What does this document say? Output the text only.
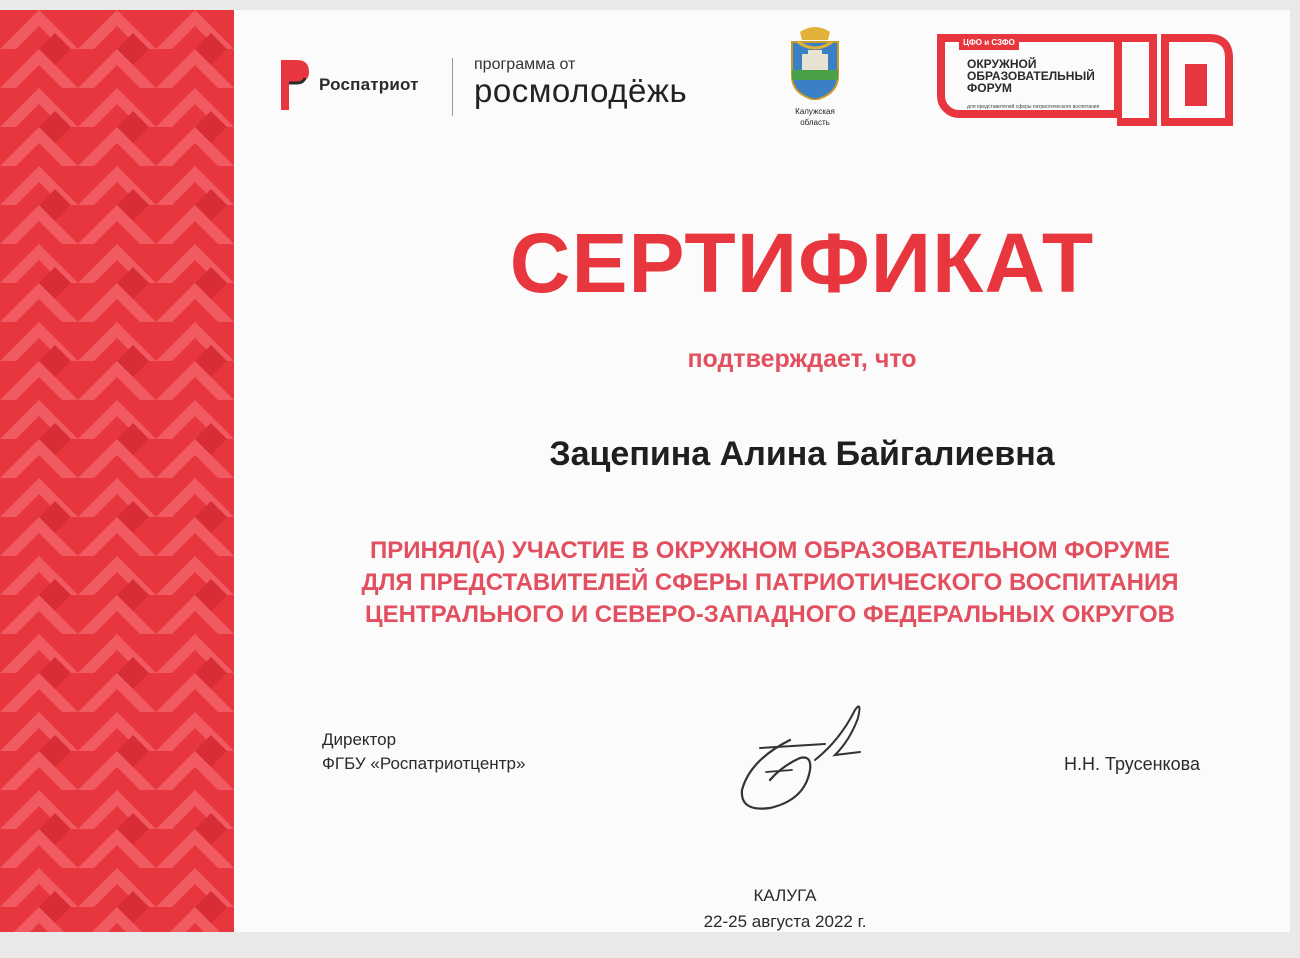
Роспатриот
программа от
росмолодёжь
Калужская
область
ЦФО и СЗФО
ОКРУЖНОЙ
ОБРАЗОВАТЕЛЬНЫЙ
ФОРУМ
для представителей сферы патриотического воспитания
СЕРТИФИКАТ
подтверждает, что
Зацепина Алина Байгалиевна
ПРИНЯЛ(А) УЧАСТИЕ В ОКРУЖНОМ ОБРАЗОВАТЕЛЬНОМ ФОРУМЕ
ДЛЯ ПРЕДСТАВИТЕЛЕЙ СФЕРЫ ПАТРИОТИЧЕСКОГО ВОСПИТАНИЯ
ЦЕНТРАЛЬНОГО И СЕВЕРО-ЗАПАДНОГО ФЕДЕРАЛЬНЫХ ОКРУГОВ
Директор
ФГБУ «Роспатриотцентр»	Н.Н. Трусенкова
КАЛУГА
22-25 августа 2022 г.
